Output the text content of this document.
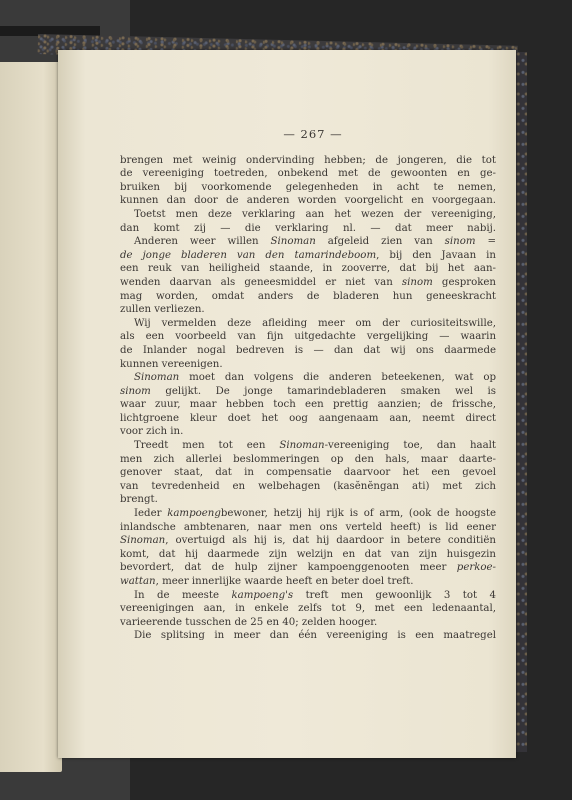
— 267 —
brengen met weinig ondervinding hebben; de jongeren, die tot
de vereeniging toetreden, onbekend met de gewoonten en ge-
bruiken bij voorkomende gelegenheden in acht te nemen,
kunnen dan door de anderen worden voorgelicht en voorgegaan.
Toetst men deze verklaring aan het wezen der vereeniging,
dan komt zij — die verklaring nl. — dat meer nabij.
Anderen weer willen Sinoman afgeleid zien van sinom =
de jonge bladeren van den tamarindeboom, bij den Javaan in
een reuk van heiligheid staande, in zooverre, dat bij het aan-
wenden daarvan als geneesmiddel er niet van sinom gesproken
mag worden, omdat anders de bladeren hun geneeskracht
zullen verliezen.
Wij vermelden deze afleiding meer om der curiositeitswille,
als een voorbeeld van fijn uitgedachte vergelijking — waarin
de Inlander nogal bedreven is — dan dat wij ons daarmede
kunnen vereenigen.
Sinoman moet dan volgens die anderen beteekenen, wat op
sinom gelijkt. De jonge tamarindebladeren smaken wel is
waar zuur, maar hebben toch een prettig aanzien; de frissche,
lichtgroene kleur doet het oog aangenaam aan, neemt direct
voor zich in.
Treedt men tot een Sinoman-vereeniging toe, dan haalt
men zich allerlei beslommeringen op den hals, maar daarte-
genover staat, dat in compensatie daarvoor het een gevoel
van tevredenheid en welbehagen (kasĕnĕngan ati) met zich
brengt.
Ieder kampoengbewoner, hetzij hij rijk is of arm, (ook de hoogste
inlandsche ambtenaren, naar men ons verteld heeft) is lid eener
Sinoman, overtuigd als hij is, dat hij daardoor in betere conditiën
komt, dat hij daarmede zijn welzijn en dat van zijn huisgezin
bevordert, dat de hulp zijner kampoenggenooten meer perkoe-
wattan, meer innerlijke waarde heeft en beter doel treft.
In de meeste kampoeng's treft men gewoonlijk 3 tot 4
vereenigingen aan, in enkele zelfs tot 9, met een ledenaantal,
varieerende tusschen de 25 en 40; zelden hooger.
Die splitsing in meer dan één vereeniging is een maatregel
